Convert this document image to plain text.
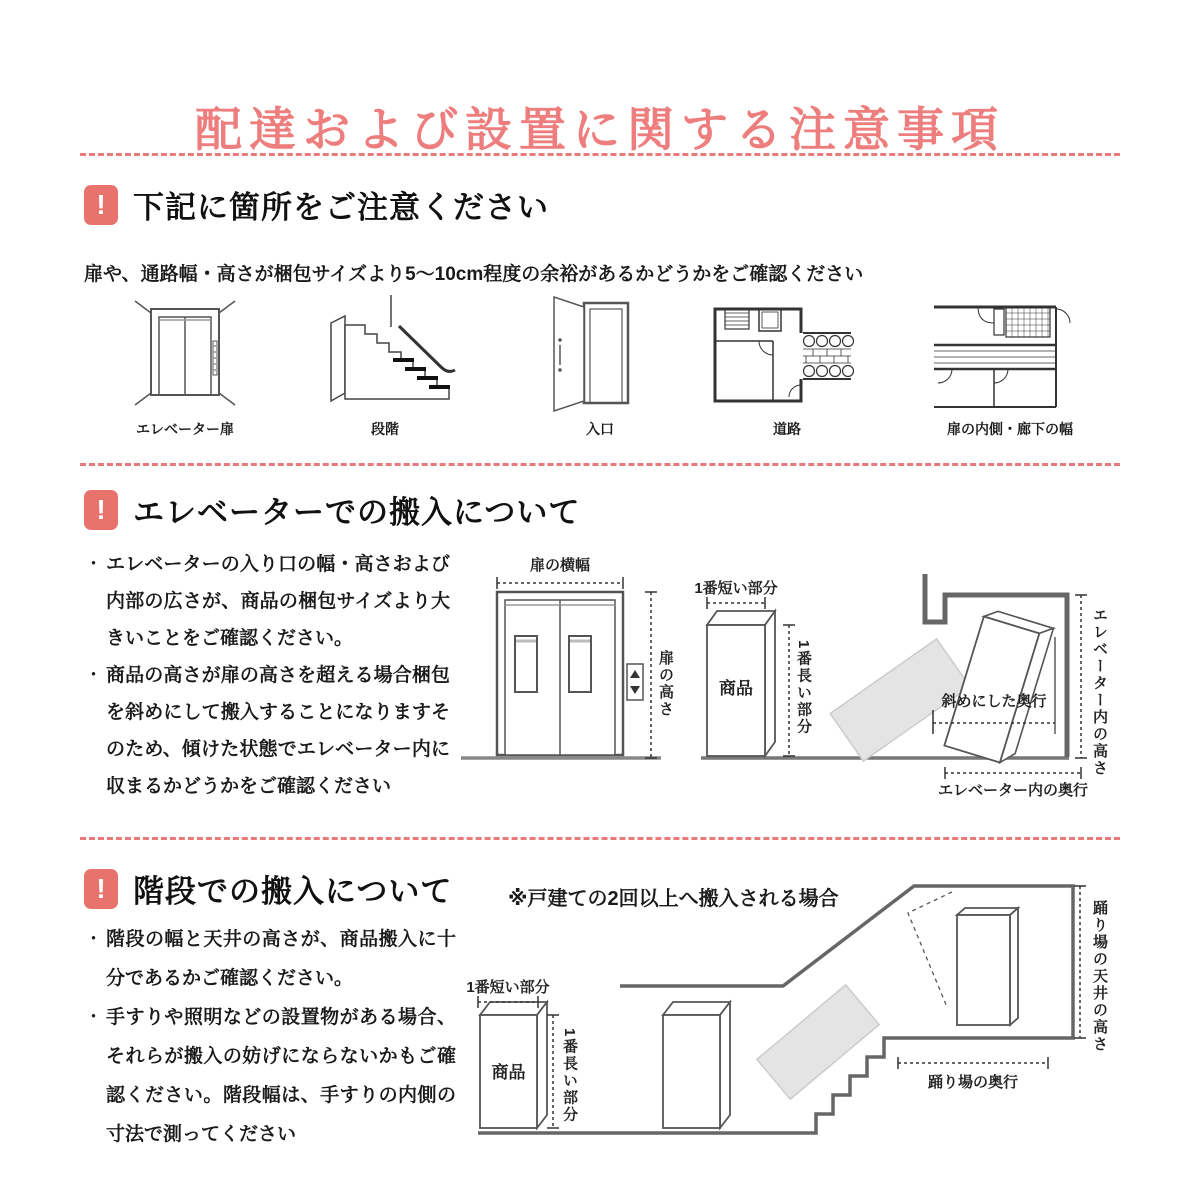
配達および設置に関する注意事項
! 下記に箇所をご注意ください

扉や、通路幅・高さが梱包サイズより5〜10cm程度の余裕があるかどうかをご確認ください

エレベーター扉	段階	入口	道路	扉の内側・廊下の幅
! エレベーターでの搬入について
・ エレベーターの入り口の幅・高さおよび内部の広さが、商品の梱包サイズより大きいことをご確認ください。
・ 商品の高さが扉の高さを超える場合梱包を斜めにして搬入することになりますそのため、傾けた状態でエレベーター内に収まるかどうかをご確認ください
扉の横幅
扉の高さ
1番短い部分
商品	1番長い部分	斜めにした奥行	エレベーター内の高さ
エレベーター内の奥行
! 階段での搬入について	※戸建ての2回以上へ搬入される場合
・ 階段の幅と天井の高さが、商品搬入に十分であるかご確認ください。
・ 手すりや照明などの設置物がある場合、それらが搬入の妨げにならないかもご確認ください。階段幅は、手すりの内側の寸法で測ってください
1番短い部分
商品	1番長い部分
踊り場の天井の高さ
踊り場の奥行
